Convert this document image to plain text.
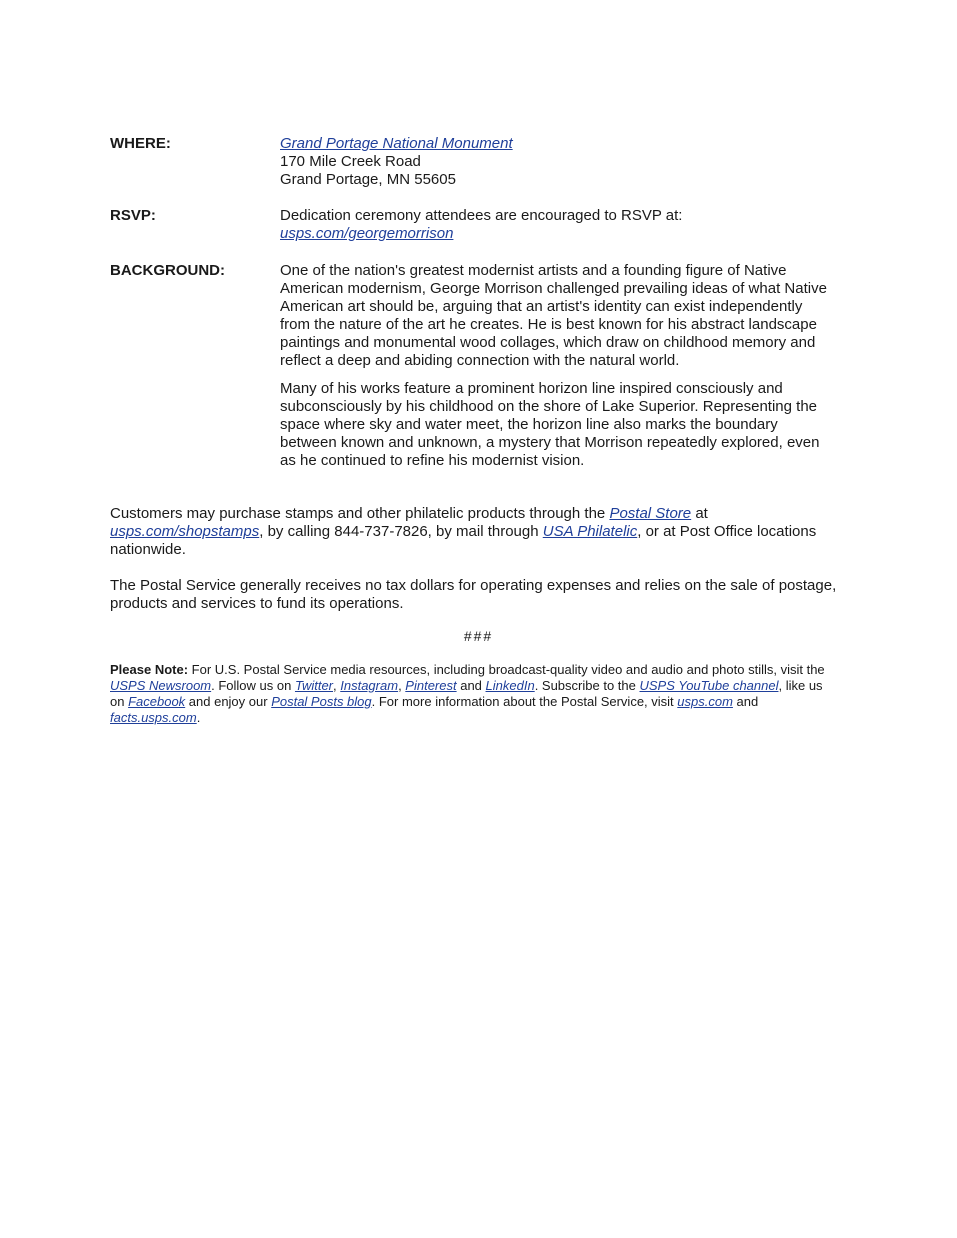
WHERE:	Grand Portage National Monument
170 Mile Creek Road
Grand Portage, MN 55605
RSVP:	Dedication ceremony attendees are encouraged to RSVP at:
usps.com/georgemorrison
BACKGROUND:	One of the nation's greatest modernist artists and a founding figure of Native American modernism, George Morrison challenged prevailing ideas of what Native American art should be, arguing that an artist's identity can exist independently from the nature of the art he creates. He is best known for his abstract landscape paintings and monumental wood collages, which draw on childhood memory and reflect a deep and abiding connection with the natural world.
Many of his works feature a prominent horizon line inspired consciously and subconsciously by his childhood on the shore of Lake Superior. Representing the space where sky and water meet, the horizon line also marks the boundary between known and unknown, a mystery that Morrison repeatedly explored, even as he continued to refine his modernist vision.
Customers may purchase stamps and other philatelic products through the Postal Store at usps.com/shopstamps, by calling 844-737-7826, by mail through USA Philatelic, or at Post Office locations nationwide.
The Postal Service generally receives no tax dollars for operating expenses and relies on the sale of postage, products and services to fund its operations.
###
Please Note: For U.S. Postal Service media resources, including broadcast-quality video and audio and photo stills, visit the USPS Newsroom. Follow us on Twitter, Instagram, Pinterest and LinkedIn. Subscribe to the USPS YouTube channel, like us on Facebook and enjoy our Postal Posts blog. For more information about the Postal Service, visit usps.com and facts.usps.com.
